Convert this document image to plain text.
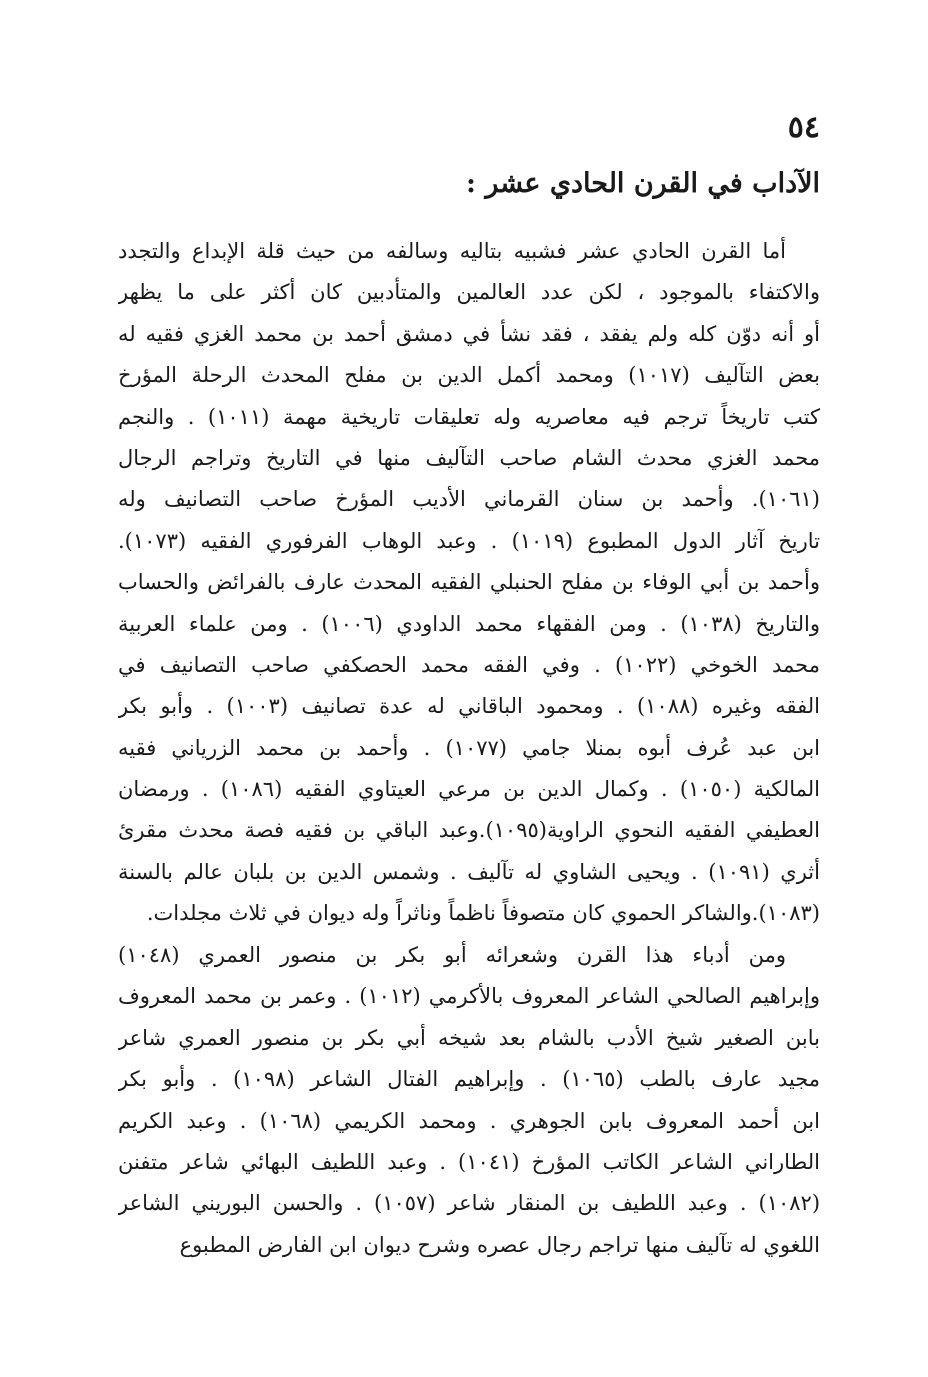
٥٤
الآداب في القرن الحادي عشر :
أما القرن الحادي عشر فشبيه بتاليه وسالفه من حيث قلة الإبداع والتجدد
والاكتفاء بالموجود ، لكن عدد العالمين والمتأدبين كان أكثر على ما يظهر
أو أنه دوّن كله ولم يفقد ، فقد نشأ في دمشق أحمد بن محمد الغزي فقيه له
بعض التآليف (١٠١٧) ومحمد أكمل الدين بن مفلح المحدث الرحلة المؤرخ
كتب تاريخاً ترجم فيه معاصريه وله تعليقات تاريخية مهمة (١٠١١) . والنجم
محمد الغزي محدث الشام صاحب التآليف منها في التاريخ وتراجم الرجال
(١٠٦١). وأحمد بن سنان القرماني الأديب المؤرخ صاحب التصانيف وله
تاريخ آثار الدول المطبوع (١٠١٩) . وعبد الوهاب الفرفوري الفقيه (١٠٧٣).
وأحمد بن أبي الوفاء بن مفلح الحنبلي الفقيه المحدث عارف بالفرائض والحساب
والتاريخ (١٠٣٨) . ومن الفقهاء محمد الداودي (١٠٠٦) . ومن علماء العربية
محمد الخوخي (١٠٢٢) . وفي الفقه محمد الحصكفي صاحب التصانيف في
الفقه وغيره (١٠٨٨) . ومحمود الباقاني له عدة تصانيف (١٠٠٣) . وأبو بكر
ابن عبد عُرف أبوه بمنلا جامي (١٠٧٧) . وأحمد بن محمد الزرياني فقيه
المالكية (١٠٥٠) . وكمال الدين بن مرعي العيتاوي الفقيه (١٠٨٦) . ورمضان
العطيفي الفقيه النحوي الراوية(١٠٩٥).وعبد الباقي بن فقيه فصة محدث مقرئ
أثري (١٠٩١) . ويحيى الشاوي له تآليف . وشمس الدين بن بلبان عالم بالسنة
(١٠٨٣).والشاكر الحموي كان متصوفاً ناظماً وناثراً وله ديوان في ثلاث مجلدات.
ومن أدباء هذا القرن وشعرائه أبو بكر بن منصور العمري (١٠٤٨)
وإبراهيم الصالحي الشاعر المعروف بالأكرمي (١٠١٢) . وعمر بن محمد المعروف
بابن الصغير شيخ الأدب بالشام بعد شيخه أبي بكر بن منصور العمري شاعر
مجيد عارف بالطب (١٠٦٥) . وإبراهيم الفتال الشاعر (١٠٩٨) . وأبو بكر
ابن أحمد المعروف بابن الجوهري . ومحمد الكريمي (١٠٦٨) . وعبد الكريم
الطاراني الشاعر الكاتب المؤرخ (١٠٤١) . وعبد اللطيف البهائي شاعر متفنن
(١٠٨٢) . وعبد اللطيف بن المنقار شاعر (١٠٥٧) . والحسن البوريني الشاعر
اللغوي له تآليف منها تراجم رجال عصره وشرح ديوان ابن الفارض المطبوع
